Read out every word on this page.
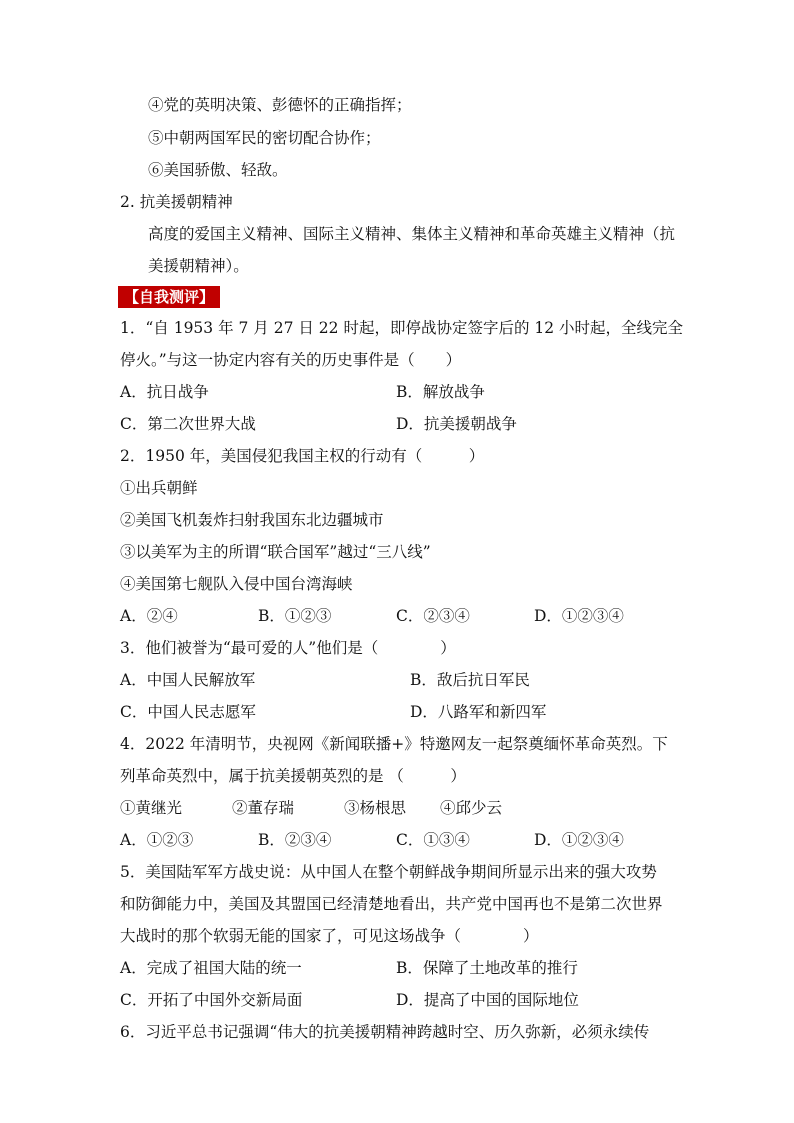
④党的英明决策、彭德怀的正确指挥；
⑤中朝两国军民的密切配合协作；
⑥美国骄傲、轻敌。
2. 抗美援朝精神
高度的爱国主义精神、国际主义精神、集体主义精神和革命英雄主义精神（抗
美援朝精神）。
【自我测评】
1．“自 1953 年 7 月 27 日 22 时起，即停战协定签字后的 12 小时起，全线完全
停火。”与这一协定内容有关的历史事件是（　　）
A．抗日战争	B．解放战争
C．第二次世界大战	D．抗美援朝战争
2．1950 年，美国侵犯我国主权的行动有（　　　）
①出兵朝鲜
②美国飞机轰炸扫射我国东北边疆城市
③以美军为主的所谓“联合国军”越过“三八线”
④美国第七舰队入侵中国台湾海峡
A．②④	B．①②③	C．②③④	D．①②③④
3．他们被誉为“最可爱的人”他们是（　　　　）
A．中国人民解放军	B．敌后抗日军民
C．中国人民志愿军	D．八路军和新四军
4．2022 年清明节，央视网《新闻联播+》特邀网友一起祭奠缅怀革命英烈。下
列革命英烈中，属于抗美援朝英烈的是 （　　　）
①黄继光	②董存瑞	③杨根思 ④邱少云
A．①②③	B．②③④	C．①③④	D．①②③④
5．美国陆军军方战史说：从中国人在整个朝鲜战争期间所显示出来的强大攻势
和防御能力中，美国及其盟国已经清楚地看出，共产党中国再也不是第二次世界
大战时的那个软弱无能的国家了，可见这场战争（　　　　）
A．完成了祖国大陆的统一	B．保障了土地改革的推行
C．开拓了中国外交新局面	D．提高了中国的国际地位
6．习近平总书记强调“伟大的抗美援朝精神跨越时空、历久弥新，必须永续传
